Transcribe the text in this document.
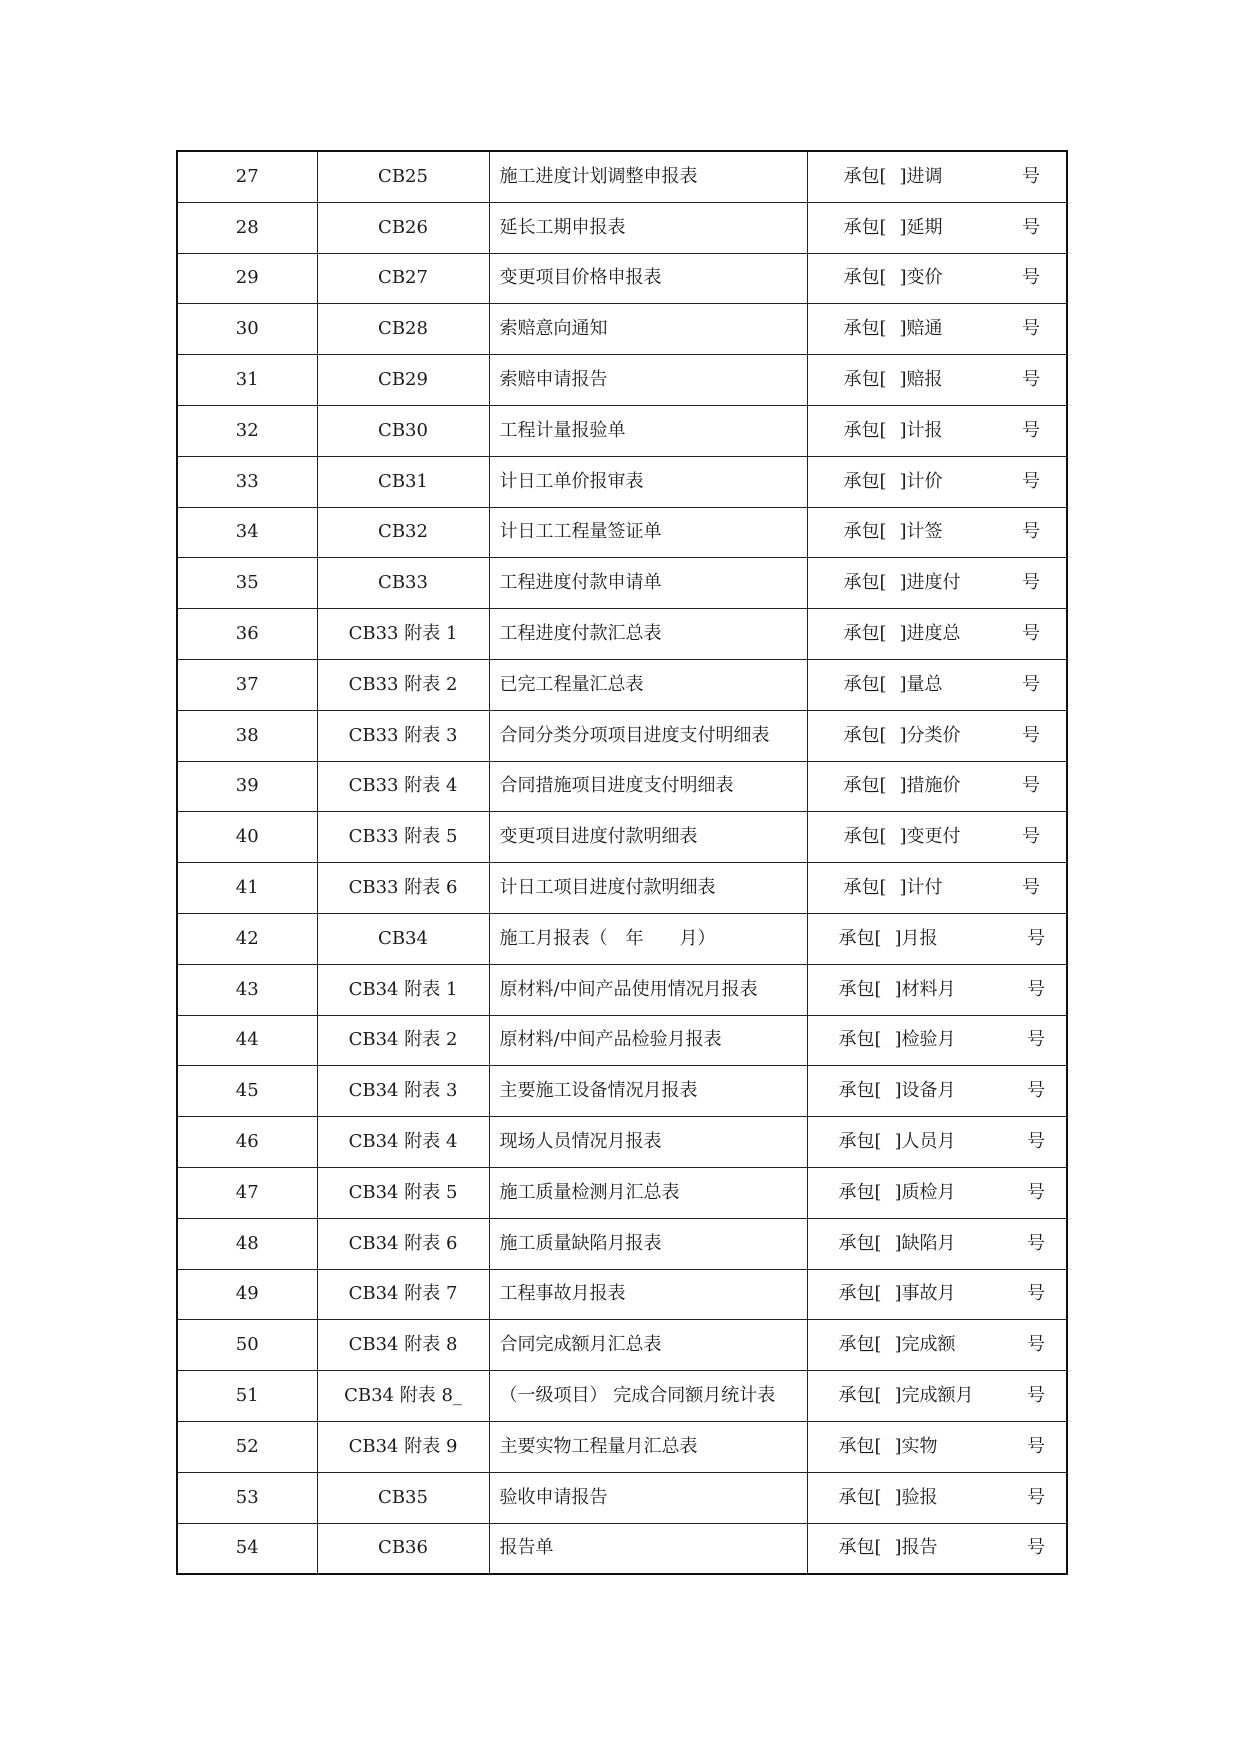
27	CB25	施工进度计划调整申报表	承包[ ]进调 号

28	CB26	延长工期申报表	承包[ ]延期 号

29	CB27	变更项目价格申报表	承包[ ]变价 号

30	CB28	索赔意向通知	承包[ ]赔通 号

31	CB29	索赔申请报告	承包[ ]赔报 号

32	CB30	工程计量报验单	承包[ ]计报 号

33	CB31	计日工单价报审表	承包[ ]计价 号

34	CB32	计日工工程量签证单	承包[ ]计签 号

35	CB33	工程进度付款申请单	承包[ ]进度付 号

36	CB33 附表 1	工程进度付款汇总表	承包[ ]进度总 号

37	CB33 附表 2	已完工程量汇总表	承包[ ]量总 号

38	CB33 附表 3	合同分类分项项目进度支付明细表	承包[ ]分类价 号

39	CB33 附表 4	合同措施项目进度支付明细表	承包[ ]措施价 号

40	CB33 附表 5	变更项目进度付款明细表	承包[ ]变更付 号

41	CB33 附表 6	计日工项目进度付款明细表	承包[ ]计付 号

42	CB34	施工月报表（　年　　月）	承包[ ]月报 号

43	CB34 附表 1	原材料/中间产品使用情况月报表	承包[ ]材料月 号

44	CB34 附表 2	原材料/中间产品检验月报表	承包[ ]检验月 号

45	CB34 附表 3	主要施工设备情况月报表	承包[ ]设备月 号

46	CB34 附表 4	现场人员情况月报表	承包[ ]人员月 号

47	CB34 附表 5	施工质量检测月汇总表	承包[ ]质检月 号

48	CB34 附表 6	施工质量缺陷月报表	承包[ ]缺陷月 号

49	CB34 附表 7	工程事故月报表	承包[ ]事故月 号

50	CB34 附表 8	合同完成额月汇总表	承包[ ]完成额 号

51	CB34 附表 8_	（一级项目） 完成合同额月统计表	承包[ ]完成额月 号

52	CB34 附表 9	主要实物工程量月汇总表	承包[ ]实物 号

53	CB35	验收申请报告	承包[ ]验报 号

54	CB36	报告单	承包[ ]报告 号
